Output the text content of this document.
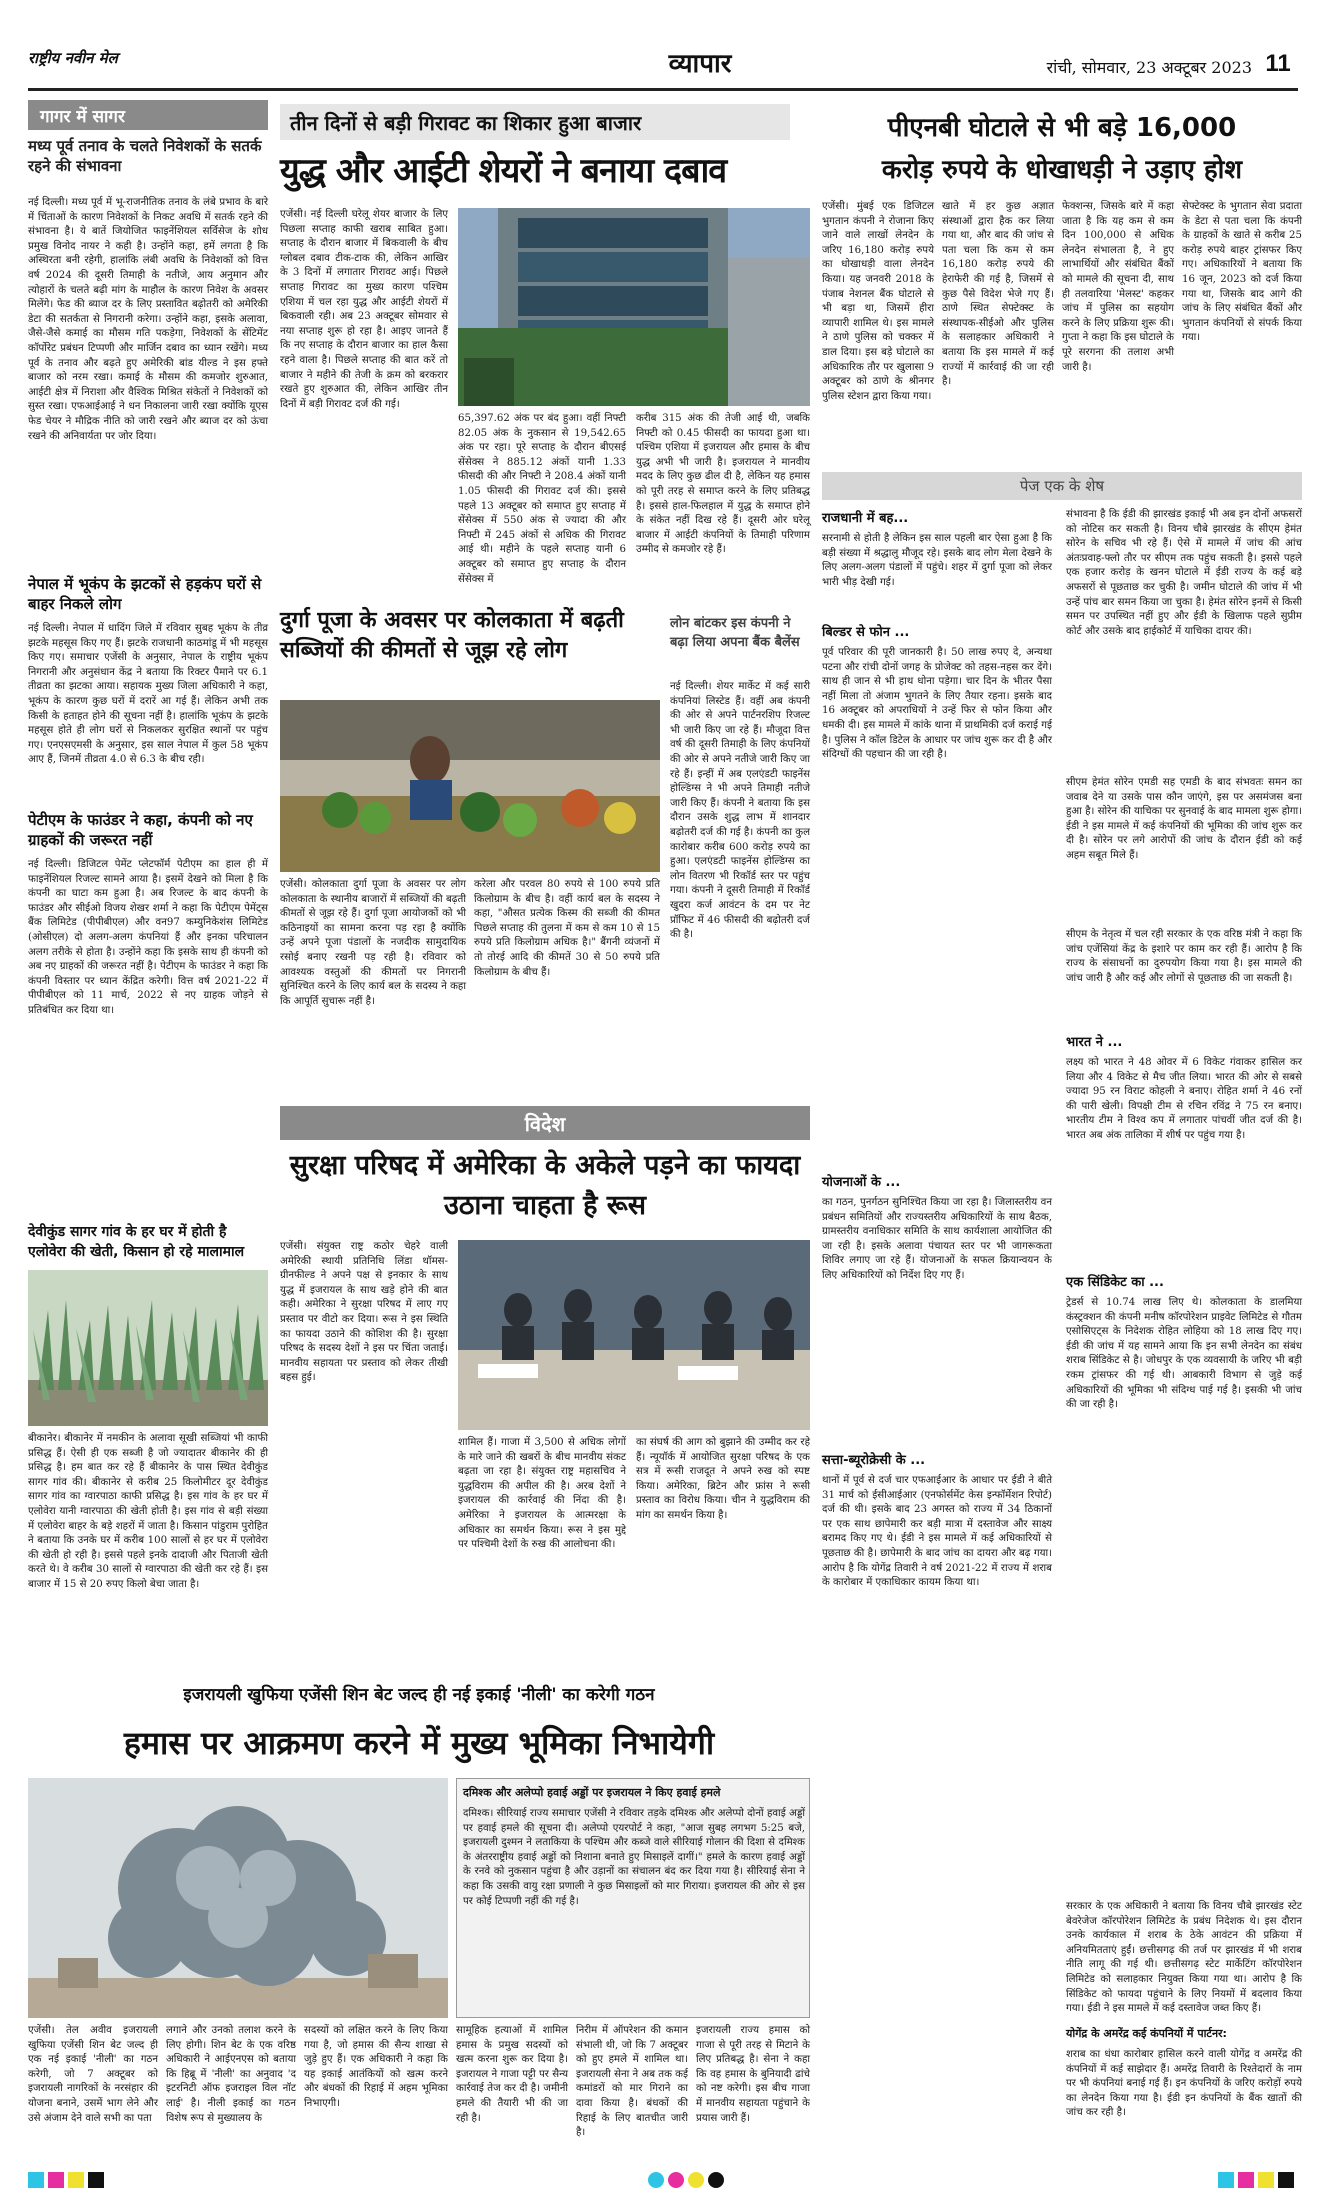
राष्ट्रीय नवीन मेल	व्यापार	रांची, सोमवार, 23 अक्टूबर 2023 11
गागर में सागर
मध्य पूर्व तनाव के चलते निवेशकों के सतर्क रहने की संभावना
नई दिल्ली। मध्य पूर्व में भू-राजनीतिक तनाव के लंबे प्रभाव के बारे में चिंताओं के कारण निवेशकों के निकट अवधि में सतर्क रहने की संभावना है। ये बातें जियोजित फाइनेंशियल सर्विसेज के शोध प्रमुख विनोद नायर ने कही है। उन्होंने कहा, हमें लगता है कि अस्थिरता बनी रहेगी, हालांकि लंबी अवधि के निवेशकों को वित्त वर्ष 2024 की दूसरी तिमाही के नतीजे, आय अनुमान और त्योहारों के चलते बढ़ी मांग के माहौल के कारण निवेश के अवसर मिलेंगे। फेड की ब्याज दर के लिए प्रस्तावित बढ़ोतरी को अमेरिकी डेटा की सतर्कता से निगरानी करेगा। उन्होंने कहा, इसके अलावा, जैसे-जैसे कमाई का मौसम गति पकड़ेगा, निवेशकों के सेंटिमेंट कॉर्पोरेट प्रबंधन टिप्पणी और मार्जिन दबाव का ध्यान रखेंगे। मध्य पूर्व के तनाव और बढ़ते हुए अमेरिकी बांड यील्ड ने इस हफ्ते बाजार को नरम रखा। कमाई के मौसम की कमजोर शुरुआत, आईटी क्षेत्र में निराशा और वैश्विक मिश्रित संकेतों ने निवेशकों को सुस्त रखा। एफआईआई ने धन निकालना जारी रखा क्योंकि यूएस फेड चेयर ने मौद्रिक नीति को जारी रखने और ब्याज दर को ऊंचा रखने की अनिवार्यता पर जोर दिया।
नेपाल में भूकंप के झटकों से हड़कंप घरों से बाहर निकले लोग
नई दिल्ली। नेपाल में धादिंग जिले में रविवार सुबह भूकंप के तीव्र झटके महसूस किए गए हैं। झटके राजधानी काठमांडू में भी महसूस किए गए। समाचार एजेंसी के अनुसार, नेपाल के राष्ट्रीय भूकंप निगरानी और अनुसंधान केंद्र ने बताया कि रिक्टर पैमाने पर 6.1 तीव्रता का झटका आया। सहायक मुख्य जिला अधिकारी ने कहा, भूकंप के कारण कुछ घरों में दरारें आ गई हैं। लेकिन अभी तक किसी के हताहत होने की सूचना नहीं है। हालांकि भूकंप के झटके महसूस होते ही लोग घरों से निकलकर सुरक्षित स्थानों पर पहुंच गए। एनएसएमसी के अनुसार, इस साल नेपाल में कुल 58 भूकंप आए हैं, जिनमें तीव्रता 4.0 से 6.3 के बीच रही।
पेटीएम के फाउंडर ने कहा, कंपनी को नए ग्राहकों की जरूरत नहीं
नई दिल्ली। डिजिटल पेमेंट प्लेटफॉर्म पेटीएम का हाल ही में फाइनेंशियल रिजल्ट सामने आया है। इसमें देखने को मिला है कि कंपनी का घाटा कम हुआ है। अब रिजल्ट के बाद कंपनी के फाउंडर और सीईओ विजय शेखर शर्मा ने कहा कि पेटीएम पेमेंट्स बैंक लिमिटेड (पीपीबीएल) और वन97 कम्युनिकेशंस लिमिटेड (ओसीएल) दो अलग-अलग कंपनियां हैं और इनका परिचालन अलग तरीके से होता है। उन्होंने कहा कि इसके साथ ही कंपनी को अब नए ग्राहकों की जरूरत नहीं है। पेटीएम के फाउंडर ने कहा कि कंपनी विस्तार पर ध्यान केंद्रित करेगी। वित्त वर्ष 2021-22 में पीपीबीएल को 11 मार्च, 2022 से नए ग्राहक जोड़ने से प्रतिबंधित कर दिया था।
देवीकुंड सागर गांव के हर घर में होती है एलोवेरा की खेती, किसान हो रहे मालामाल
बीकानेर। बीकानेर में नमकीन के अलावा सूखी सब्जियां भी काफी प्रसिद्ध हैं। ऐसी ही एक सब्जी है जो ज्यादातर बीकानेर की ही प्रसिद्ध है। हम बात कर रहे हैं बीकानेर के पास स्थित देवीकुंड सागर गांव की। बीकानेर से करीब 25 किलोमीटर दूर देवीकुंड सागर गांव का ग्वारपाठा काफी प्रसिद्ध है। इस गांव के हर घर में एलोवेरा यानी ग्वारपाठा की खेती होती है। इस गांव से बड़ी संख्या में एलोवेरा बाहर के बड़े शहरों में जाता है। किसान पांडुराम पुरोहित ने बताया कि उनके घर में करीब 100 सालों से हर घर में एलोवेरा की खेती हो रही है। इससे पहले इनके दादाजी और पिताजी खेती करते थे। वे करीब 30 सालों से ग्वारपाठा की खेती कर रहे हैं। इस बाजार में 15 से 20 रुपए किलो बेचा जाता है।
तीन दिनों से बड़ी गिरावट का शिकार हुआ बाजार
युद्ध और आईटी शेयरों ने बनाया दबाव
एजेंसी। नई दिल्ली घरेलू शेयर बाजार के लिए पिछला सप्ताह काफी खराब साबित हुआ। सप्ताह के दौरान बाजार में बिकवाली के बीच ग्लोबल दबाव टीक-टाक की, लेकिन आखिर के 3 दिनों में लगातार गिरावट आई। पिछले सप्ताह गिरावट का मुख्य कारण पश्चिम एशिया में चल रहा युद्ध और आईटी शेयरों में बिकवाली रही। अब 23 अक्टूबर सोमवार से नया सप्ताह शुरू हो रहा है। आइए जानते हैं कि नए सप्ताह के दौरान बाजार का हाल कैसा रहने वाला है। पिछले सप्ताह की बात करें तो बाजार ने महीने की तेजी के क्रम को बरकरार रखते हुए शुरुआत की, लेकिन आखिर तीन दिनों में बड़ी गिरावट दर्ज की गई।
65,397.62 अंक पर बंद हुआ। वहीं निफ्टी 82.05 अंक के नुकसान से 19,542.65 अंक पर रहा। पूरे सप्ताह के दौरान बीएसई सेंसेक्स ने 885.12 अंकों यानी 1.33 फीसदी की और निफ्टी ने 208.4 अंकों यानी 1.05 फीसदी की गिरावट दर्ज की। इससे पहले 13 अक्टूबर को समाप्त हुए सप्ताह में सेंसेक्स में 550 अंक से ज्यादा की और निफ्टी में 245 अंकों से अधिक की गिरावट आई थी। महीने के पहले सप्ताह यानी 6 अक्टूबर को समाप्त हुए सप्ताह के दौरान सेंसेक्स में
करीब 315 अंक की तेजी आई थी, जबकि निफ्टी को 0.45 फीसदी का फायदा हुआ था। पश्चिम एशिया में इजरायल और हमास के बीच युद्ध अभी भी जारी है। इजरायल ने मानवीय मदद के लिए कुछ ढील दी है, लेकिन यह हमास को पूरी तरह से समाप्त करने के लिए प्रतिबद्ध है। इससे हाल-फिलहाल में युद्ध के समाप्त होने के संकेत नहीं दिख रहे हैं। दूसरी ओर घरेलू बाजार में आईटी कंपनियों के तिमाही परिणाम उम्मीद से कमजोर रहे हैं।
पीएनबी घोटाले से भी बड़े 16,000
करोड़ रुपये के धोखाधड़ी ने उड़ाए होश
एजेंसी। मुंबई एक डिजिटल भुगतान कंपनी ने रोजाना किए जाने वाले लाखों लेनदेन के जरिए 16,180 करोड़ रुपये का धोखाधड़ी वाला लेनदेन किया। यह जनवरी 2018 के पंजाब नेशनल बैंक घोटाले से भी बड़ा था, जिसमें हीरा व्यापारी शामिल थे। इस मामले ने ठाणे पुलिस को चक्कर में डाल दिया। इस बड़े घोटाले का अधिकारिक तौर पर खुलासा 9 अक्टूबर को ठाणे के श्रीनगर पुलिस स्टेशन द्वारा किया गया।
खाते में हर कुछ अज्ञात संस्थाओं द्वारा हैक कर लिया गया था, और बाद की जांच से पता चला कि कम से कम 16,180 करोड़ रुपये की हेराफेरी की गई है, जिसमें से कुछ पैसे विदेश भेजे गए हैं। ठाणे स्थित सेफ्टेक्स्ट के संस्थापक-सीईओ और पुलिस के सलाहकार अधिकारी ने बताया कि इस मामले में कई राज्यों में कार्रवाई की जा रही है।
फेक्शन्स, जिसके बारे में कहा जाता है कि यह कम से कम दिन 100,000 से अधिक लेनदेन संभालता है, ने हुए लाभार्थियों और संबंधित बैंकों को मामले की सूचना दी, साथ ही तलवारिया 'मेलस्ट' कहकर जांच में पुलिस का सहयोग करने के लिए प्रक्रिया शुरू की। गुप्ता ने कहा कि इस घोटाले के पूरे सरगना की तलाश अभी जारी है।
सेफ्टेक्स्ट के भुगतान सेवा प्रदाता के डेटा से पता चला कि कंपनी के ग्राहकों के खाते से करीब 25 करोड़ रुपये बाहर ट्रांसफर किए गए। अधिकारियों ने बताया कि 16 जून, 2023 को दर्ज किया गया था, जिसके बाद आगे की जांच के लिए संबंधित बैंकों और भुगतान कंपनियों से संपर्क किया गया।
पेज एक के शेष
राजधानी में बह...
सरनामी से होती है लेकिन इस साल पहली बार ऐसा हुआ है कि बड़ी संख्या में श्रद्धालु मौजूद रहे। इसके बाद लोग मेला देखने के लिए अलग-अलग पंडालों में पहुंचे। शहर में दुर्गा पूजा को लेकर भारी भीड़ देखी गई।
बिल्डर से फोन ...
पूर्व परिवार की पूरी जानकारी है। 50 लाख रुपए दे, अन्यथा पटना और रांची दोनों जगह के प्रोजेक्ट को तहस-नहस कर देंगे। साथ ही जान से भी हाथ धोना पड़ेगा। चार दिन के भीतर पैसा नहीं मिला तो अंजाम भुगतने के लिए तैयार रहना। इसके बाद 16 अक्टूबर को अपराधियों ने उन्हें फिर से फोन किया और धमकी दी। इस मामले में कांके थाना में प्राथमिकी दर्ज कराई गई है। पुलिस ने कॉल डिटेल के आधार पर जांच शुरू कर दी है और संदिग्धों की पहचान की जा रही है।
योजनाओं के ...
का गठन, पुनर्गठन सुनिश्चित किया जा रहा है। जिलास्तरीय वन प्रबंधन समितियों और राज्यस्तरीय अधिकारियों के साथ बैठक, ग्रामस्तरीय वनाधिकार समिति के साथ कार्यशाला आयोजित की जा रही है। इसके अलावा पंचायत स्तर पर भी जागरूकता शिविर लगाए जा रहे हैं। योजनाओं के सफल क्रियान्वयन के लिए अधिकारियों को निर्देश दिए गए हैं।
सत्ता-ब्यूरोक्रेसी के ...
थानों में पूर्व से दर्ज चार एफआईआर के आधार पर ईडी ने बीते 31 मार्च को ईसीआईआर (एनफोर्समेंट केस इन्फॉर्मेशन रिपोर्ट) दर्ज की थी। इसके बाद 23 अगस्त को राज्य में 34 ठिकानों पर एक साथ छापेमारी कर बड़ी मात्रा में दस्तावेज और साक्ष्य बरामद किए गए थे। ईडी ने इस मामले में कई अधिकारियों से पूछताछ की है। छापेमारी के बाद जांच का दायरा और बढ़ गया। आरोप है कि योगेंद्र तिवारी ने वर्ष 2021-22 में राज्य में शराब के कारोबार में एकाधिकार कायम किया था।
संभावना है कि ईडी की झारखंड इकाई भी अब इन दोनों अफसरों को नोटिस कर सकती है। विनय चौबे झारखंड के सीएम हेमंत सोरेन के सचिव भी रहे हैं। ऐसे में मामले में जांच की आंच अंतःप्रवाह-फ्लो तौर पर सीएम तक पहुंच सकती है। इससे पहले एक हजार करोड़ के खनन घोटाले में ईडी राज्य के कई बड़े अफसरों से पूछताछ कर चुकी है। जमीन घोटाले की जांच में भी उन्हें पांच बार समन किया जा चुका है। हेमंत सोरेन इनमें से किसी समन पर उपस्थित नहीं हुए और ईडी के खिलाफ पहले सुप्रीम कोर्ट और उसके बाद हाईकोर्ट में याचिका दायर की।
सीएम हेमंत सोरेन एमडी सह एमडी के बाद संभवतः समन का जवाब देने या उसके पास कौन जाएंगे, इस पर असमंजस बना हुआ है। सोरेन की याचिका पर सुनवाई के बाद मामला शुरू होगा। ईडी ने इस मामले में कई कंपनियों की भूमिका की जांच शुरू कर दी है। सोरेन पर लगे आरोपों की जांच के दौरान ईडी को कई अहम सबूत मिले हैं।
सीएम के नेतृत्व में चल रही सरकार के एक वरिष्ठ मंत्री ने कहा कि जांच एजेंसियां केंद्र के इशारे पर काम कर रही हैं। आरोप है कि राज्य के संसाधनों का दुरुपयोग किया गया है। इस मामले की जांच जारी है और कई और लोगों से पूछताछ की जा सकती है।
भारत ने ...
लक्ष्य को भारत ने 48 ओवर में 6 विकेट गंवाकर हासिल कर लिया और 4 विकेट से मैच जीत लिया। भारत की ओर से सबसे ज्यादा 95 रन विराट कोहली ने बनाए। रोहित शर्मा ने 46 रनों की पारी खेली। विपक्षी टीम से रचिन रविंद्र ने 75 रन बनाए। भारतीय टीम ने विश्व कप में लगातार पांचवीं जीत दर्ज की है। भारत अब अंक तालिका में शीर्ष पर पहुंच गया है।
एक सिंडिकेट का ...
ट्रेडर्स से 10.74 लाख लिए थे। कोलकाता के डालमिया कंस्ट्रक्शन की कंपनी मनीष कॉरपोरेशन प्राइवेट लिमिटेड से गौतम एसोसिएट्स के निदेशक रोहित लोहिया को 18 लाख दिए गए। ईडी की जांच में यह सामने आया कि इन सभी लेनदेन का संबंध शराब सिंडिकेट से है। जोधपुर के एक व्यवसायी के जरिए भी बड़ी रकम ट्रांसफर की गई थी। आबकारी विभाग से जुड़े कई अधिकारियों की भूमिका भी संदिग्ध पाई गई है। इसकी भी जांच की जा रही है।
सरकार के एक अधिकारी ने बताया कि विनय चौबे झारखंड स्टेट बेवरेजेज कॉरपोरेशन लिमिटेड के प्रबंध निदेशक थे। इस दौरान उनके कार्यकाल में शराब के ठेके आवंटन की प्रक्रिया में अनियमितताएं हुईं। छत्तीसगढ़ की तर्ज पर झारखंड में भी शराब नीति लागू की गई थी। छत्तीसगढ़ स्टेट मार्केटिंग कॉरपोरेशन लिमिटेड को सलाहकार नियुक्त किया गया था। आरोप है कि सिंडिकेट को फायदा पहुंचाने के लिए नियमों में बदलाव किया गया। ईडी ने इस मामले में कई दस्तावेज जब्त किए हैं।
योगेंद्र के अमरेंद्र कई कंपनियों में पार्टनर:
शराब का धंधा कारोबार हासिल करने वाली योगेंद्र व अमरेंद्र की कंपनियों में कई साझेदार हैं। अमरेंद्र तिवारी के रिश्तेदारों के नाम पर भी कंपनियां बनाई गई हैं। इन कंपनियों के जरिए करोड़ों रुपये का लेनदेन किया गया है। ईडी इन कंपनियों के बैंक खातों की जांच कर रही है।
दुर्गा पूजा के अवसर पर कोलकाता में बढ़ती सब्जियों की कीमतों से जूझ रहे लोग
एजेंसी। कोलकाता दुर्गा पूजा के अवसर पर लोग कोलकाता के स्थानीय बाजारों में सब्जियों की बढ़ती कीमतों से जूझ रहे हैं। दुर्गा पूजा आयोजकों को भी कठिनाइयों का सामना करना पड़ रहा है क्योंकि उन्हें अपने पूजा पंडालों के नजदीक सामुदायिक रसोई बनाए रखनी पड़ रही है। रविवार को आवश्यक वस्तुओं की कीमतों पर निगरानी सुनिश्चित करने के लिए कार्य बल के सदस्य ने कहा कि आपूर्ति सुचारू नहीं है।
करेला और परवल 80 रुपये से 100 रुपये प्रति किलोग्राम के बीच है। वहीं कार्य बल के सदस्य ने कहा, "औसत प्रत्येक किस्म की सब्जी की कीमत पिछले सप्ताह की तुलना में कम से कम 10 से 15 रुपये प्रति किलोग्राम अधिक है।" बैंगनी व्यंजनों में तो तोरई आदि की कीमतें 30 से 50 रुपये प्रति किलोग्राम के बीच हैं।
लोन बांटकर इस कंपनी ने बढ़ा लिया अपना बैंक बैलेंस
नई दिल्ली। शेयर मार्केट में कई सारी कंपनियां लिस्टेड हैं। वहीं अब कंपनी की ओर से अपने पार्टनरशिप रिजल्ट भी जारी किए जा रहे हैं। मौजूदा वित्त वर्ष की दूसरी तिमाही के लिए कंपनियों की ओर से अपने नतीजे जारी किए जा रहे हैं। इन्हीं में अब एलएंडटी फाइनेंस होल्डिंग्स ने भी अपने तिमाही नतीजे जारी किए हैं। कंपनी ने बताया कि इस दौरान उसके शुद्ध लाभ में शानदार बढ़ोतरी दर्ज की गई है। कंपनी का कुल कारोबार करीब 600 करोड़ रुपये का हुआ। एलएंडटी फाइनेंस होल्डिंग्स का लोन वितरण भी रिकॉर्ड स्तर पर पहुंच गया। कंपनी ने दूसरी तिमाही में रिकॉर्ड खुदरा कर्ज आवंटन के दम पर नेट प्रॉफिट में 46 फीसदी की बढ़ोतरी दर्ज की है।
विदेश
सुरक्षा परिषद में अमेरिका के अकेले पड़ने का फायदा उठाना चाहता है रूस
एजेंसी। संयुक्त राष्ट्र कठोर चेहरे वाली अमेरिकी स्थायी प्रतिनिधि लिंडा थॉमस-ग्रीनफील्ड ने अपने पक्ष से इनकार के साथ युद्ध में इजरायल के साथ खड़े होने की बात कही। अमेरिका ने सुरक्षा परिषद में लाए गए प्रस्ताव पर वीटो कर दिया। रूस ने इस स्थिति का फायदा उठाने की कोशिश की है। सुरक्षा परिषद के सदस्य देशों ने इस पर चिंता जताई। मानवीय सहायता पर प्रस्ताव को लेकर तीखी बहस हुई।
शामिल हैं। गाजा में 3,500 से अधिक लोगों के मारे जाने की खबरों के बीच मानवीय संकट बढ़ता जा रहा है। संयुक्त राष्ट्र महासचिव ने युद्धविराम की अपील की है। अरब देशों ने इजरायल की कार्रवाई की निंदा की है। अमेरिका ने इजरायल के आत्मरक्षा के अधिकार का समर्थन किया। रूस ने इस मुद्दे पर पश्चिमी देशों के रुख की आलोचना की।
का संघर्ष की आग को बुझाने की उम्मीद कर रहे हैं। न्यूयॉर्क में आयोजित सुरक्षा परिषद के एक सत्र में रूसी राजदूत ने अपने रुख को स्पष्ट किया। अमेरिका, ब्रिटेन और फ्रांस ने रूसी प्रस्ताव का विरोध किया। चीन ने युद्धविराम की मांग का समर्थन किया है।
इजरायली खुफिया एजेंसी शिन बेट जल्द ही नई इकाई 'नीली' का करेगी गठन
हमास पर आक्रमण करने में मुख्य भूमिका निभायेगी
दमिश्क और अलेप्पो हवाई अड्डों पर इजरायल ने किए हवाई हमले
दमिश्क। सीरियाई राज्य समाचार एजेंसी ने रविवार तड़के दमिश्क और अलेप्पो दोनों हवाई अड्डों पर हवाई हमले की सूचना दी। अलेप्पो एयरपोर्ट ने कहा, "आज सुबह लगभग 5:25 बजे, इजरायली दुश्मन ने लताकिया के पश्चिम और कब्जे वाले सीरियाई गोलान की दिशा से दमिश्क के अंतरराष्ट्रीय हवाई अड्डों को निशाना बनाते हुए मिसाइलें दागीं।" हमले के कारण हवाई अड्डों के रनवे को नुकसान पहुंचा है और उड़ानों का संचालन बंद कर दिया गया है। सीरियाई सेना ने कहा कि उसकी वायु रक्षा प्रणाली ने कुछ मिसाइलों को मार गिराया। इजरायल की ओर से इस पर कोई टिप्पणी नहीं की गई है।
एजेंसी। तेल अवीव इजरायली खुफिया एजेंसी शिन बेट जल्द ही एक नई इकाई 'नीली' का गठन करेगी, जो 7 अक्टूबर को इजरायली नागरिकों के नरसंहार की योजना बनाने, उसमें भाग लेने और उसे अंजाम देने वाले सभी का पता
लगाने और उनको तलाश करने के लिए होगी। शिन बेट के एक वरिष्ठ अधिकारी ने आईएनएस को बताया कि हिब्रू में 'नीली' का अनुवाद 'द इटरनिटी ऑफ इजराइल विल नॉट लाई' है। नीली इकाई का गठन विशेष रूप से मुख्यालय के
सदस्यों को लक्षित करने के लिए किया गया है, जो हमास की सैन्य शाखा से जुड़े हुए हैं। एक अधिकारी ने कहा कि यह इकाई आतंकियों को खत्म करने और बंधकों की रिहाई में अहम भूमिका निभाएगी।
सामूहिक हत्याओं में शामिल हमास के प्रमुख सदस्यों को खत्म करना शुरू कर दिया है। इजरायल ने गाजा पट्टी पर सैन्य कार्रवाई तेज कर दी है। जमीनी हमले की तैयारी भी की जा रही है।
निरीम में ऑपरेशन की कमान संभाली थी, जो कि 7 अक्टूबर को हुए हमले में शामिल था। इजरायली सेना ने अब तक कई कमांडरों को मार गिराने का दावा किया है। बंधकों की रिहाई के लिए बातचीत जारी है।
इजरायली राज्य हमास को गाजा से पूरी तरह से मिटाने के लिए प्रतिबद्ध है। सेना ने कहा कि वह हमास के बुनियादी ढांचे को नष्ट करेगी। इस बीच गाजा में मानवीय सहायता पहुंचाने के प्रयास जारी हैं।
